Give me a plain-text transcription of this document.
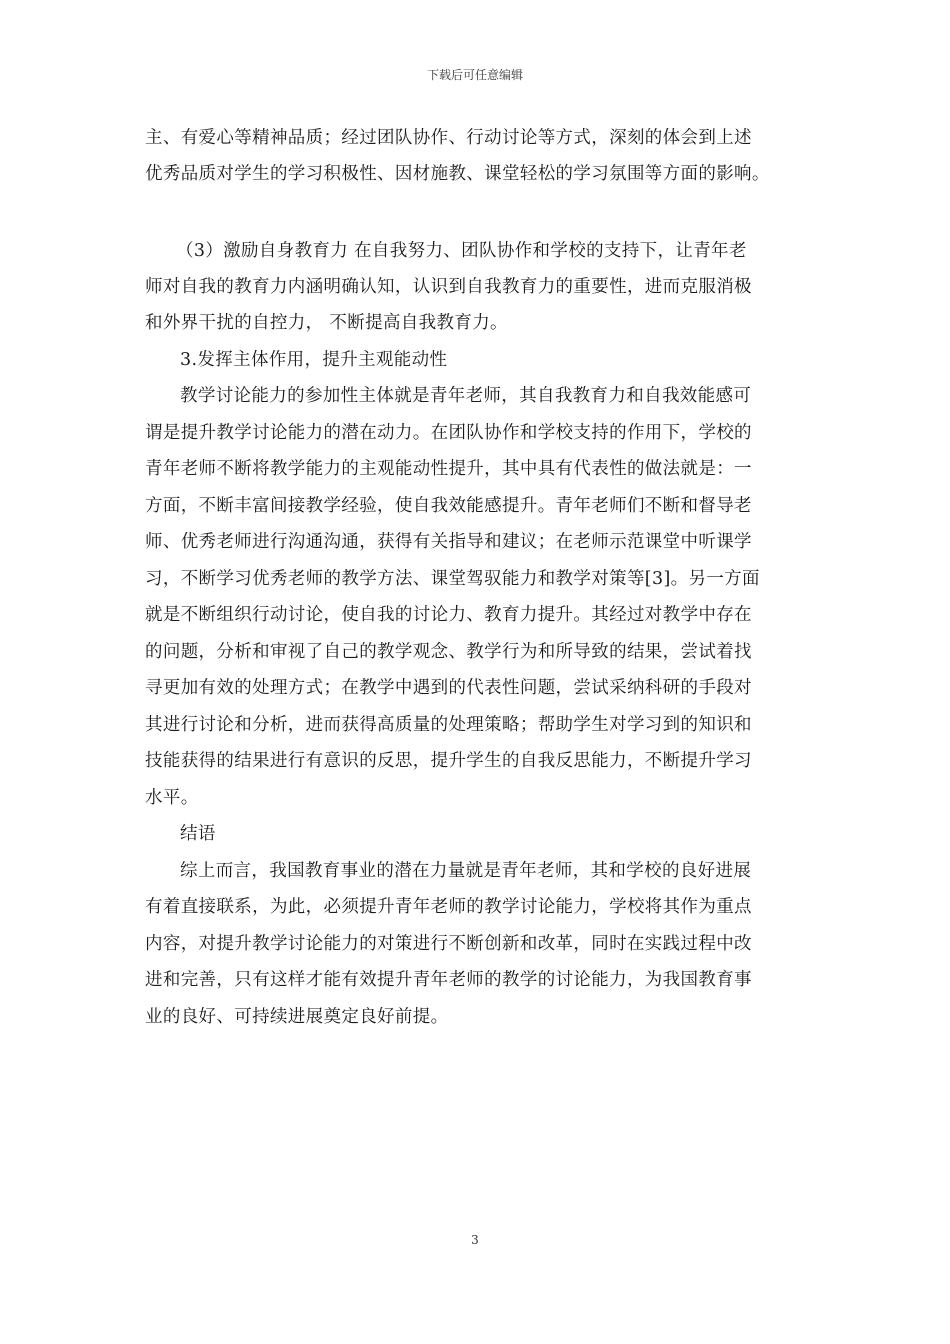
下载后可任意编辑
主、有爱心等精神品质；经过团队协作、行动讨论等方式，深刻的体会到上述
优秀品质对学生的学习积极性、因材施教、课堂轻松的学习氛围等方面的影响。
（3）激励自身教育力 在自我努力、团队协作和学校的支持下，让青年老
师对自我的教育力内涵明确认知，认识到自我教育力的重要性，进而克服消极
和外界干扰的自控力， 不断提高自我教育力。
3.发挥主体作用，提升主观能动性
教学讨论能力的参加性主体就是青年老师，其自我教育力和自我效能感可
谓是提升教学讨论能力的潜在动力。在团队协作和学校支持的作用下，学校的
青年老师不断将教学能力的主观能动性提升，其中具有代表性的做法就是：一
方面，不断丰富间接教学经验，使自我效能感提升。青年老师们不断和督导老
师、优秀老师进行沟通沟通，获得有关指导和建议；在老师示范课堂中听课学
习，不断学习优秀老师的教学方法、课堂驾驭能力和教学对策等[3]。另一方面
就是不断组织行动讨论，使自我的讨论力、教育力提升。其经过对教学中存在
的问题，分析和审视了自己的教学观念、教学行为和所导致的结果，尝试着找
寻更加有效的处理方式；在教学中遇到的代表性问题，尝试采纳科研的手段对
其进行讨论和分析，进而获得高质量的处理策略；帮助学生对学习到的知识和
技能获得的结果进行有意识的反思，提升学生的自我反思能力，不断提升学习
水平。
结语
综上而言，我国教育事业的潜在力量就是青年老师，其和学校的良好进展
有着直接联系，为此，必须提升青年老师的教学讨论能力，学校将其作为重点
内容，对提升教学讨论能力的对策进行不断创新和改革，同时在实践过程中改
进和完善，只有这样才能有效提升青年老师的教学的讨论能力，为我国教育事
业的良好、可持续进展奠定良好前提。
3
